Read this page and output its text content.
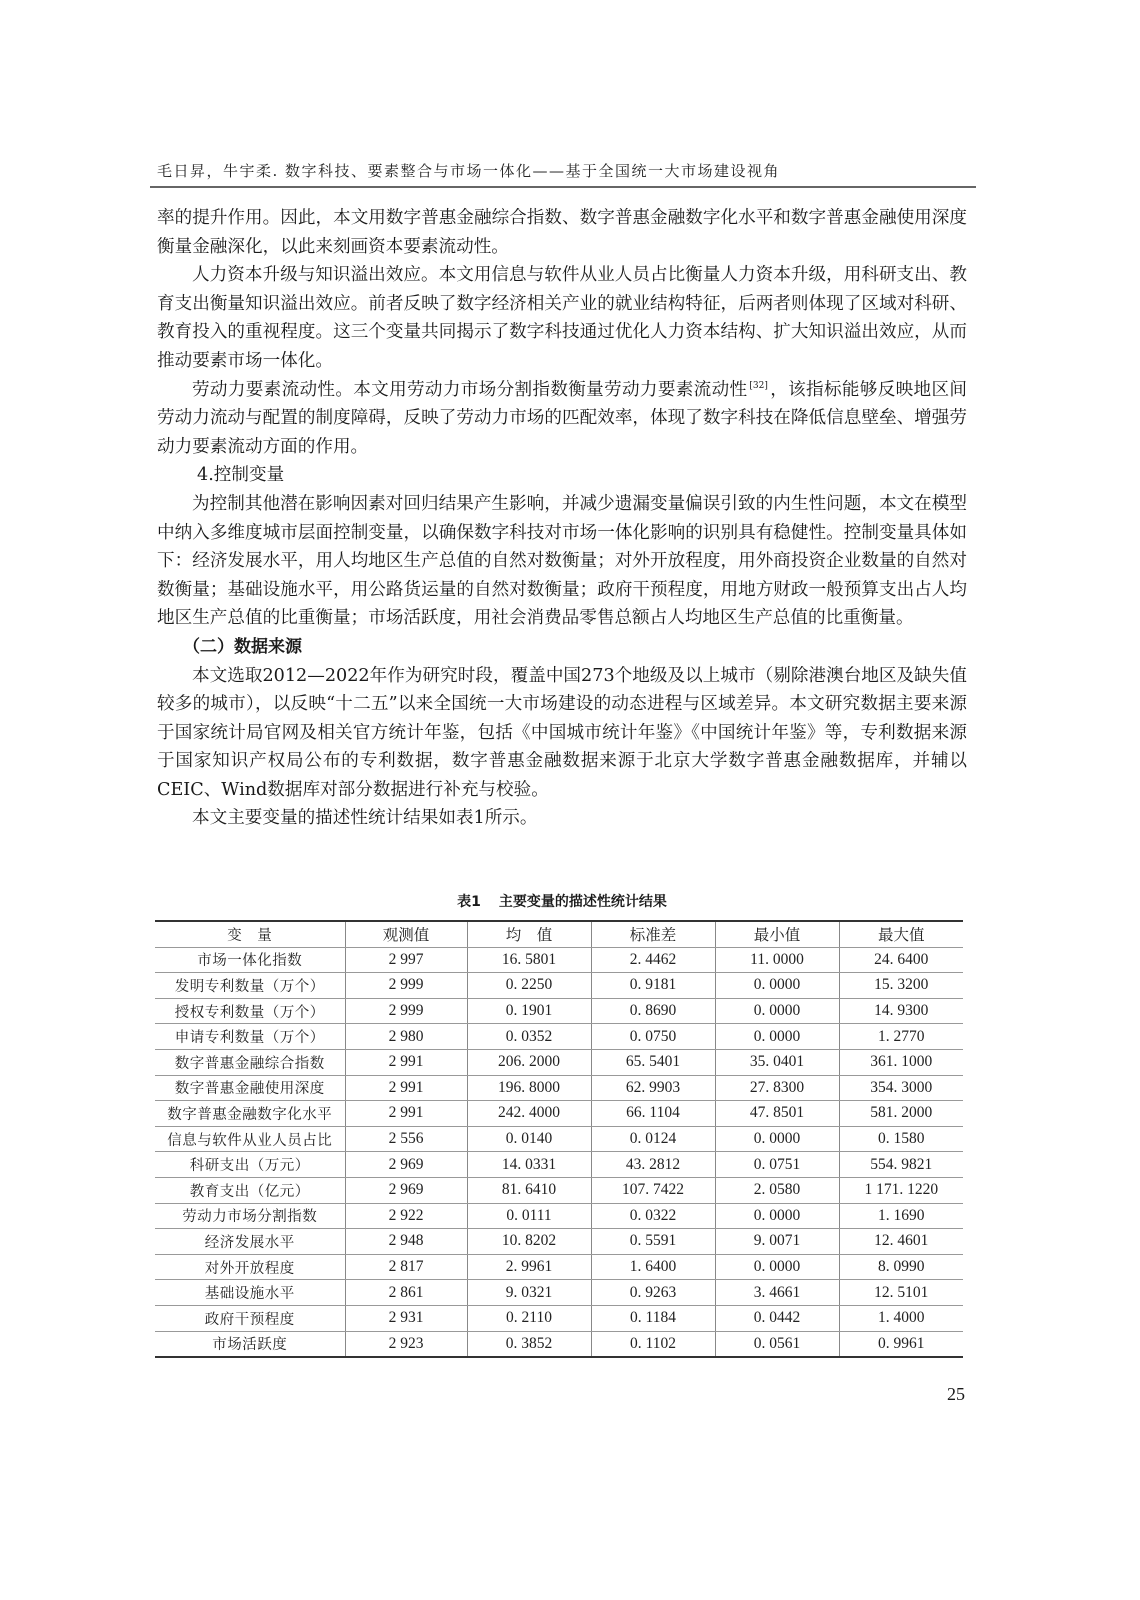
毛日昇，牛宇柔. 数字科技、要素整合与市场一体化——基于全国统一大市场建设视角

率的提升作用。因此，本文用数字普惠金融综合指数、数字普惠金融数字化水平和数字普惠金融使用深度衡量金融深化，以此来刻画资本要素流动性。

人力资本升级与知识溢出效应。本文用信息与软件从业人员占比衡量人力资本升级，用科研支出、教育支出衡量知识溢出效应。前者反映了数字经济相关产业的就业结构特征，后两者则体现了区域对科研、教育投入的重视程度。这三个变量共同揭示了数字科技通过优化人力资本结构、扩大知识溢出效应，从而推动要素市场一体化。

劳动力要素流动性。本文用劳动力市场分割指数衡量劳动力要素流动性 [32] ，该指标能够反映地区间劳动力流动与配置的制度障碍，反映了劳动力市场的匹配效率，体现了数字科技在降低信息壁垒、增强劳动力要素流动方面的作用。

4.控制变量

为控制其他潜在影响因素对回归结果产生影响，并减少遗漏变量偏误引致的内生性问题，本文在模型中纳入多维度城市层面控制变量，以确保数字科技对市场一体化影响的识别具有稳健性。控制变量具体如下：经济发展水平，用人均地区生产总值的自然对数衡量；对外开放程度，用外商投资企业数量的自然对数衡量；基础设施水平，用公路货运量的自然对数衡量；政府干预程度，用地方财政一般预算支出占人均地区生产总值的比重衡量；市场活跃度，用社会消费品零售总额占人均地区生产总值的比重衡量。

（二）数据来源

本文选取2012—2022年作为研究时段，覆盖中国273个地级及以上城市（剔除港澳台地区及缺失值较多的城市），以反映“十二五”以来全国统一大市场建设的动态进程与区域差异。本文研究数据主要来源于国家统计局官网及相关官方统计年鉴，包括《中国城市统计年鉴》《中国统计年鉴》等，专利数据来源于国家知识产权局公布的专利数据，数字普惠金融数据来源于北京大学数字普惠金融数据库，并辅以CEIC、Wind数据库对部分数据进行补充与校验。

本文主要变量的描述性统计结果如表1所示。

表1 主要变量的描述性统计结果
变　量	观测值	均　值	标准差	最小值	最大值
市场一体化指数	2 997	16. 5801	2. 4462	11. 0000	24. 6400
发明专利数量（万个）	2 999	0. 2250	0. 9181	0. 0000	15. 3200
授权专利数量（万个）	2 999	0. 1901	0. 8690	0. 0000	14. 9300
申请专利数量（万个）	2 980	0. 0352	0. 0750	0. 0000	1. 2770
数字普惠金融综合指数	2 991	206. 2000	65. 5401	35. 0401	361. 1000
数字普惠金融使用深度	2 991	196. 8000	62. 9903	27. 8300	354. 3000
数字普惠金融数字化水平	2 991	242. 4000	66. 1104	47. 8501	581. 2000
信息与软件从业人员占比	2 556	0. 0140	0. 0124	0. 0000	0. 1580
科研支出（万元）	2 969	14. 0331	43. 2812	0. 0751	554. 9821
教育支出（亿元）	2 969	81. 6410	107. 7422	2. 0580	1 171. 1220
劳动力市场分割指数	2 922	0. 0111	0. 0322	0. 0000	1. 1690
经济发展水平	2 948	10. 8202	0. 5591	9. 0071	12. 4601
对外开放程度	2 817	2. 9961	1. 6400	0. 0000	8. 0990
基础设施水平	2 861	9. 0321	0. 9263	3. 4661	12. 5101
政府干预程度	2 931	0. 2110	0. 1184	0. 0442	1. 4000
市场活跃度	2 923	0. 3852	0. 1102	0. 0561	0. 9961
25
